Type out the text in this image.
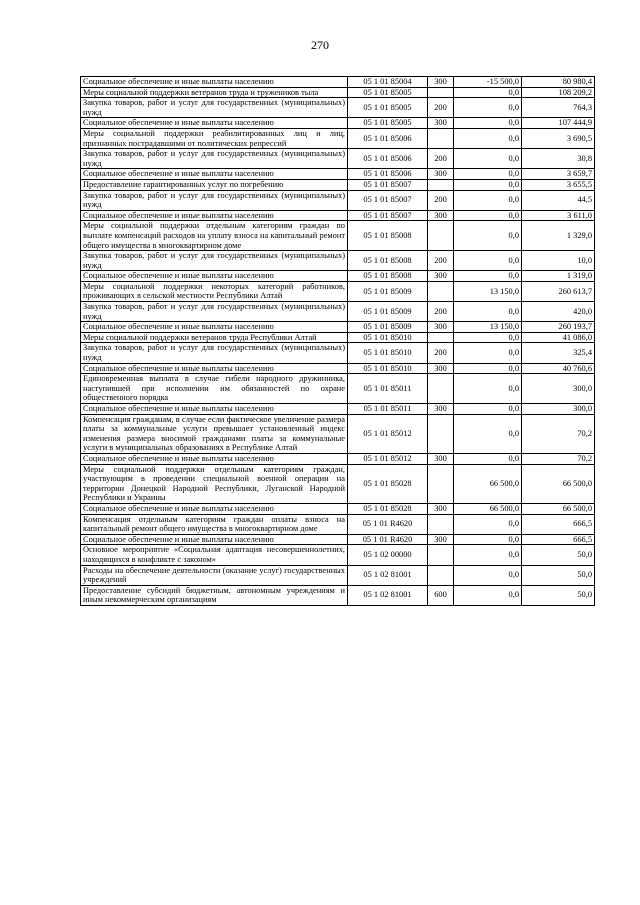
270
Социальное обеспечение и иные выплаты населению	05 1 01 85004	300	-15 500,0	80 980,4
Меры социальной поддержки ветеранов труда и тружеников тыла	05 1 01 85005		0,0	108 209,2
Закупка товаров, работ и услуг для государственных (муниципальных) нужд	05 1 01 85005	200	0,0	764,3
Социальное обеспечение и иные выплаты населению	05 1 01 85005	300	0,0	107 444,9
Меры социальной поддержки реабилитированных лиц и лиц, признанных пострадавшими от политических репрессий	05 1 01 85006		0,0	3 690,5
Закупка товаров, работ и услуг для государственных (муниципальных) нужд	05 1 01 85006	200	0,0	30,8
Социальное обеспечение и иные выплаты населению	05 1 01 85006	300	0,0	3 659,7
Предоставление гарантированных услуг по погребению	05 1 01 85007		0,0	3 655,5
Закупка товаров, работ и услуг для государственных (муниципальных) нужд	05 1 01 85007	200	0,0	44,5
Социальное обеспечение и иные выплаты населению	05 1 01 85007	300	0,0	3 611,0
Меры социальной поддержки отдельным категориям граждан по выплате компенсаций расходов на уплату взноса на капитальный ремонт общего имущества в многоквартирном доме	05 1 01 85008		0,0	1 329,0
Закупка товаров, работ и услуг для государственных (муниципальных) нужд	05 1 01 85008	200	0,0	10,0
Социальное обеспечение и иные выплаты населению	05 1 01 85008	300	0,0	1 319,0
Меры социальной поддержки некоторых категорий работников, проживающих в сельской местности Республики Алтай	05 1 01 85009		13 150,0	260 613,7
Закупка товаров, работ и услуг для государственных (муниципальных) нужд	05 1 01 85009	200	0,0	420,0
Социальное обеспечение и иные выплаты населению	05 1 01 85009	300	13 150,0	260 193,7
Меры социальной поддержки ветеранов труда Республики Алтай	05 1 01 85010		0,0	41 086,0
Закупка товаров, работ и услуг для государственных (муниципальных) нужд	05 1 01 85010	200	0,0	325,4
Социальное обеспечение и иные выплаты населению	05 1 01 85010	300	0,0	40 760,6
Единовременная выплата в случае гибели народного дружинника, наступившей при исполнении им обязанностей по охране общественного порядка	05 1 01 85011		0,0	300,0
Социальное обеспечение и иные выплаты населению	05 1 01 85011	300	0,0	300,0
Компенсация гражданам, в случае если фактическое увеличение размера платы за коммунальные услуги превышает установленный индекс изменения размера вносимой гражданами платы за коммунальные услуги в муниципальных образованиях в Республике Алтай	05 1 01 85012		0,0	70,2
Социальное обеспечение и иные выплаты населению	05 1 01 85012	300	0,0	70,2
Меры социальной поддержки отдельным категориям граждан, участвующим в проведении специальной военной операции на территории Донецкой Народной Республики, Луганской Народной Республики и Украины	05 1 01 85028		66 500,0	66 500,0
Социальное обеспечение и иные выплаты населению	05 1 01 85028	300	66 500,0	66 500,0
Компенсация отдельным категориям граждан оплаты взноса на капитальный ремонт общего имущества в многоквартирном доме	05 1 01 R4620		0,0	666,5
Социальное обеспечение и иные выплаты населению	05 1 01 R4620	300	0,0	666,5
Основное мероприятие «Социальная адаптация несовершеннолетних, находящихся в конфликте с законом»	05 1 02 00000		0,0	50,0
Расходы на обеспечение деятельности (оказание услуг) государственных учреждений	05 1 02 81001		0,0	50,0
Предоставление субсидий бюджетным, автономным учреждениям и иным некоммерческим организациям	05 1 02 81001	600	0,0	50,0
